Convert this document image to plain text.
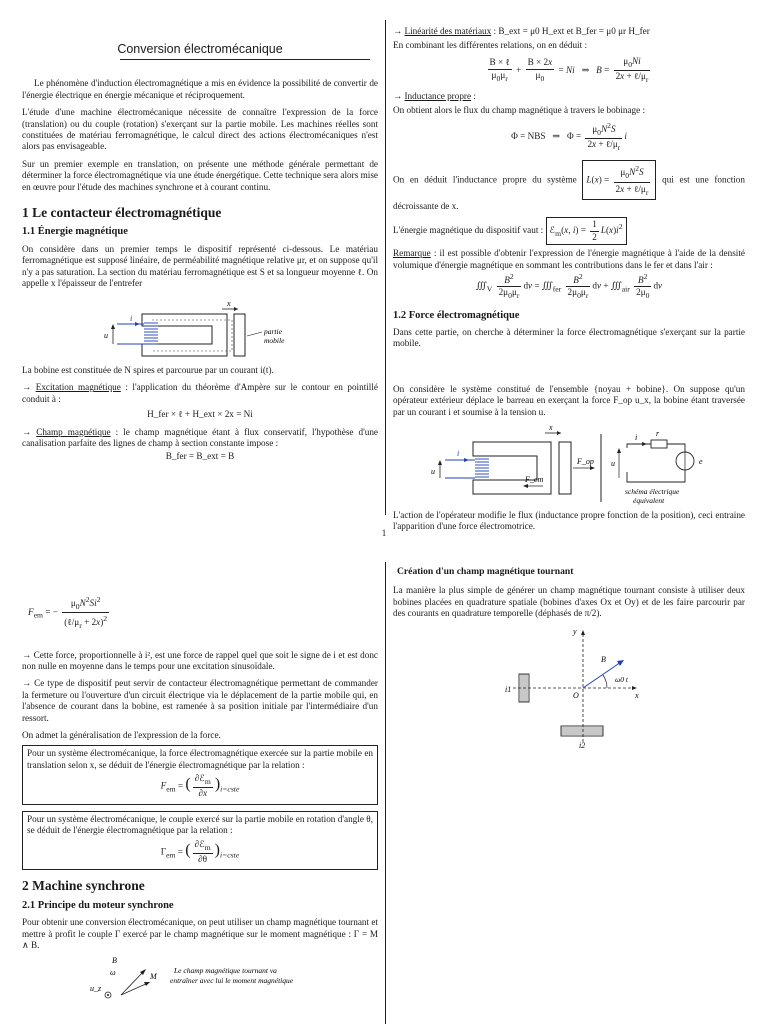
Conversion électromécanique

Le phénomène d'induction électromagnétique a mis en évidence la possibilité de convertir de l'énergie électrique en énergie mécanique et réciproquement.

L'étude d'une machine électromécanique nécessite de connaître l'expression de la force (translation) ou du couple (rotation) s'exerçant sur la partie mobile. Les machines réelles sont constituées de matériau ferromagnétique, le calcul direct des actions électromécaniques n'est alors pas envisageable.

Sur un premier exemple en translation, on présente une méthode générale permettant de déterminer la force électromagnétique via une étude énergétique. Cette technique sera alors mise en œuvre pour l'étude des machines synchrone et à courant continu.

1 Le contacteur électromagnétique
1.1 Énergie magnétique

On considère dans un premier temps le dispositif représenté ci-dessous. Le matériau ferromagnétique est supposé linéaire, de perméabilité magnétique relative μr, et on suppose qu'il n'y a pas saturation. La section du matériau ferromagnétique est S et sa longueur moyenne ℓ. On appelle x l'épaisseur de l'entrefer

x
i
u	partie mobile
partie mobile

La bobine est constituée de N spires et parcourue par un courant i(t).

→ Excitation magnétique : l'application du théorème d'Ampère sur le contour en pointillé conduit à :

H_fer × ℓ + H_ext × 2x = Ni

→ Champ magnétique : le champ magnétique étant à flux conservatif, l'hypothèse d'une canalisation parfaite des lignes de champ à section constante impose :

B_fer = B_ext = B

→ Linéarité des matériaux : B_ext = μ0 H_ext et B_fer = μ0 μr H_fer

En combinant les différentes relations, on en déduit :

$\frac{\text{B × ℓ}}{\mu_0\mu_r} + \frac{B \times 2x}{\mu_0} = Ni$   ⇒   $B = \frac{\mu_0Ni}{2x + \ell/\mu_r}$

→ Inductance propre :

On obtient alors le flux du champ magnétique à travers le bobinage :

Φ = NBS   ⇒   $\Phi = \frac{\mu_0N^2S}{2x + \ell/\mu_r}$ i

On en déduit l'inductance propre du système $L(x) = \frac{\mu_0N^2S}{2x + \ell/\mu_r}$ qui est une fonction décroissante de x.

L'énergie magnétique du dispositif vaut : ℰ$_m$(x, $i) = \frac{1}{2} L(x)i^2$

Remarque : il est possible d'obtenir l'expression de l'énergie magnétique à l'aide de la densité volumique d'énergie magnétique en sommant les contributions dans le fer et dans l'air :

$∭_V \frac{B^2}{2\mu_0\mu_r}$ dv = $∭_{fer} \frac{B^2}{2\mu_0\mu_r}$ dv + $∭_{air} \frac{B^2}{2\mu_0}$ dv
1.2 Force électromagnétique

Dans cette partie, on cherche à déterminer la force électromagnétique s'exerçant sur la partie mobile.

On considère le système constitué de l'ensemble {noyau + bobine}. On suppose qu'un opérateur extérieur déplace le barreau en exerçant la force F_op u_x, la bobine étant traversée par un courant i et soumise à la tension u.

x
i
u
F_op
F_em
r
e
i
u
schéma électrique équivalent
schéma électrique équivalent

L'action de l'opérateur modifie le flux (inductance propre fonction de la position), ceci entraine l'apparition d'une force électromotrice.

1
$F_{em}$ = − $\frac{\mu_0N^2Si^2}{(\ell/\mu_r + 2x)^2}$

→ Cette force, proportionnelle à i², est une force de rappel quel que soit le signe de i et est donc non nulle en moyenne dans le temps pour une excitation sinusoïdale.

→ Ce type de dispositif peut servir de contacteur électromagnétique permettant de commander la fermeture ou l'ouverture d'un circuit électrique via le déplacement de la partie mobile qui, en l'absence de courant dans la bobine, est ramenée à sa position initiale par l'intermédiaire d'un ressort.

On admet la généralisation de l'expression de la force.

Pour un système électromécanique, la force électromagnétique exercée sur la partie mobile en translation selon x, se déduit de l'énergie électromagnétique par la relation :
$F_{em}$ = ( $\frac{\partial ℰ_m}{\partial x} )_{i=cste}$
Pour un système électromécanique, le couple exercé sur la partie mobile en rotation d'angle θ, se déduit de l'énergie électromagnétique par la relation :
$\Gamma_{em}$ = ( $\frac{\partial ℰ_m}{\partial\theta} )_{i=cste}$
2 Machine synchrone
2.1 Principe du moteur synchrone

Pour obtenir une conversion électromécanique, on peut utiliser un champ magnétique tournant et mettre à profit le couple Γ exercé par le champ magnétique sur le moment magnétique : Γ = M ∧ B.

B
ω	M
u_z
Le champ magnétique tournant va entraîner avec lui le moment magnétique
Le champ magnétique tournant va entraîner avec lui le moment magnétique
Création d'un champ magnétique tournant

La manière la plus simple de générer un champ magnétique tournant consiste à utiliser deux bobines placées en quadrature spatiale (bobines d'axes Ox et Oy) et de les faire parcourir par des courants en quadrature temporelle (déphasés de π/2).

x
y
O
B
ω0 t
i1
i2
